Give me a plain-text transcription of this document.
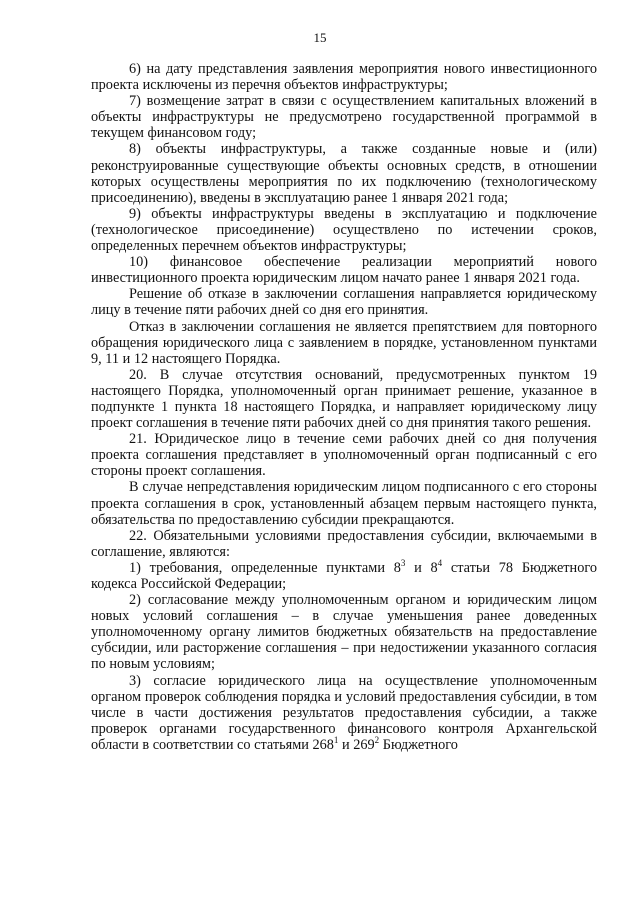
15

6) на дату представления заявления мероприятия нового инвестиционного проекта исключены из перечня объектов инфраструктуры;

7) возмещение затрат в связи с осуществлением капитальных вложений в объекты инфраструктуры не предусмотрено государственной программой в текущем финансовом году;

8) объекты инфраструктуры, а также созданные новые и (или) реконструированные существующие объекты основных средств, в отношении которых осуществлены мероприятия по их подключению (технологическому присоединению), введены в эксплуатацию ранее 1 января 2021 года;

9) объекты инфраструктуры введены в эксплуатацию и подключение (технологическое присоединение) осуществлено по истечении сроков, определенных перечнем объектов инфраструктуры;

10) финансовое обеспечение реализации мероприятий нового инвестиционного проекта юридическим лицом начато ранее 1 января 2021 года.

Решение об отказе в заключении соглашения направляется юридическому лицу в течение пяти рабочих дней со дня его принятия.

Отказ в заключении соглашения не является препятствием для повторного обращения юридического лица с заявлением в порядке, установленном пунктами 9, 11 и 12 настоящего Порядка.

20. В случае отсутствия оснований, предусмотренных пунктом 19 настоящего Порядка, уполномоченный орган принимает решение, указанное в подпункте 1 пункта 18 настоящего Порядка, и направляет юридическому лицу проект соглашения в течение пяти рабочих дней со дня принятия такого решения.

21. Юридическое лицо в течение семи рабочих дней со дня получения проекта соглашения представляет в уполномоченный орган подписанный с его стороны проект соглашения.

В случае непредставления юридическим лицом подписанного с его стороны проекта соглашения в срок, установленный абзацем первым настоящего пункта, обязательства по предоставлению субсидии прекращаются.

22. Обязательными условиями предоставления субсидии, включаемыми в соглашение, являются:

1) требования, определенные пунктами $8^3$ и $8^4$ статьи 78 Бюджетного кодекса Российской Федерации;

2) согласование между уполномоченным органом и юридическим лицом новых условий соглашения – в случае уменьшения ранее доведенных уполномоченному органу лимитов бюджетных обязательств на предоставление субсидии, или расторжение соглашения – при недостижении указанного согласия по новым условиям;

3) согласие юридического лица на осуществление уполномоченным органом проверок соблюдения порядка и условий предоставления субсидии, в том числе в части достижения результатов предоставления субсидии, а также проверок органами государственного финансового контроля Архангельской области в соответствии со статьями $268^1$ и $269^2$ Бюджетного
